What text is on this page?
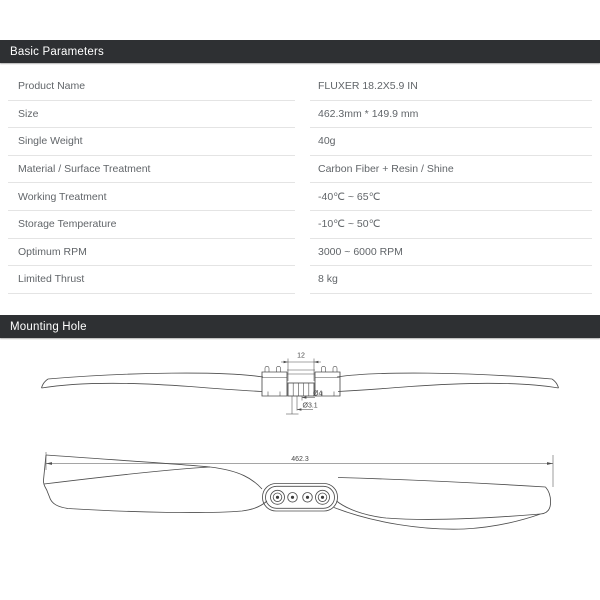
Basic Parameters
Product Name	FLUXER 18.2X5.9 IN
Size	462.3mm * 149.9 mm
Single Weight	40g
Material / Surface Treatment	Carbon Fiber + Resin / Shine
Working Treatment	-40℃ ~ 65℃
Storage Temperature	-10℃ ~ 50℃
Optimum RPM	3000 ~ 6000 RPM
Limited Thrust	8 kg
Mounting Hole
12
Ø4
Ø3.1
462.3
